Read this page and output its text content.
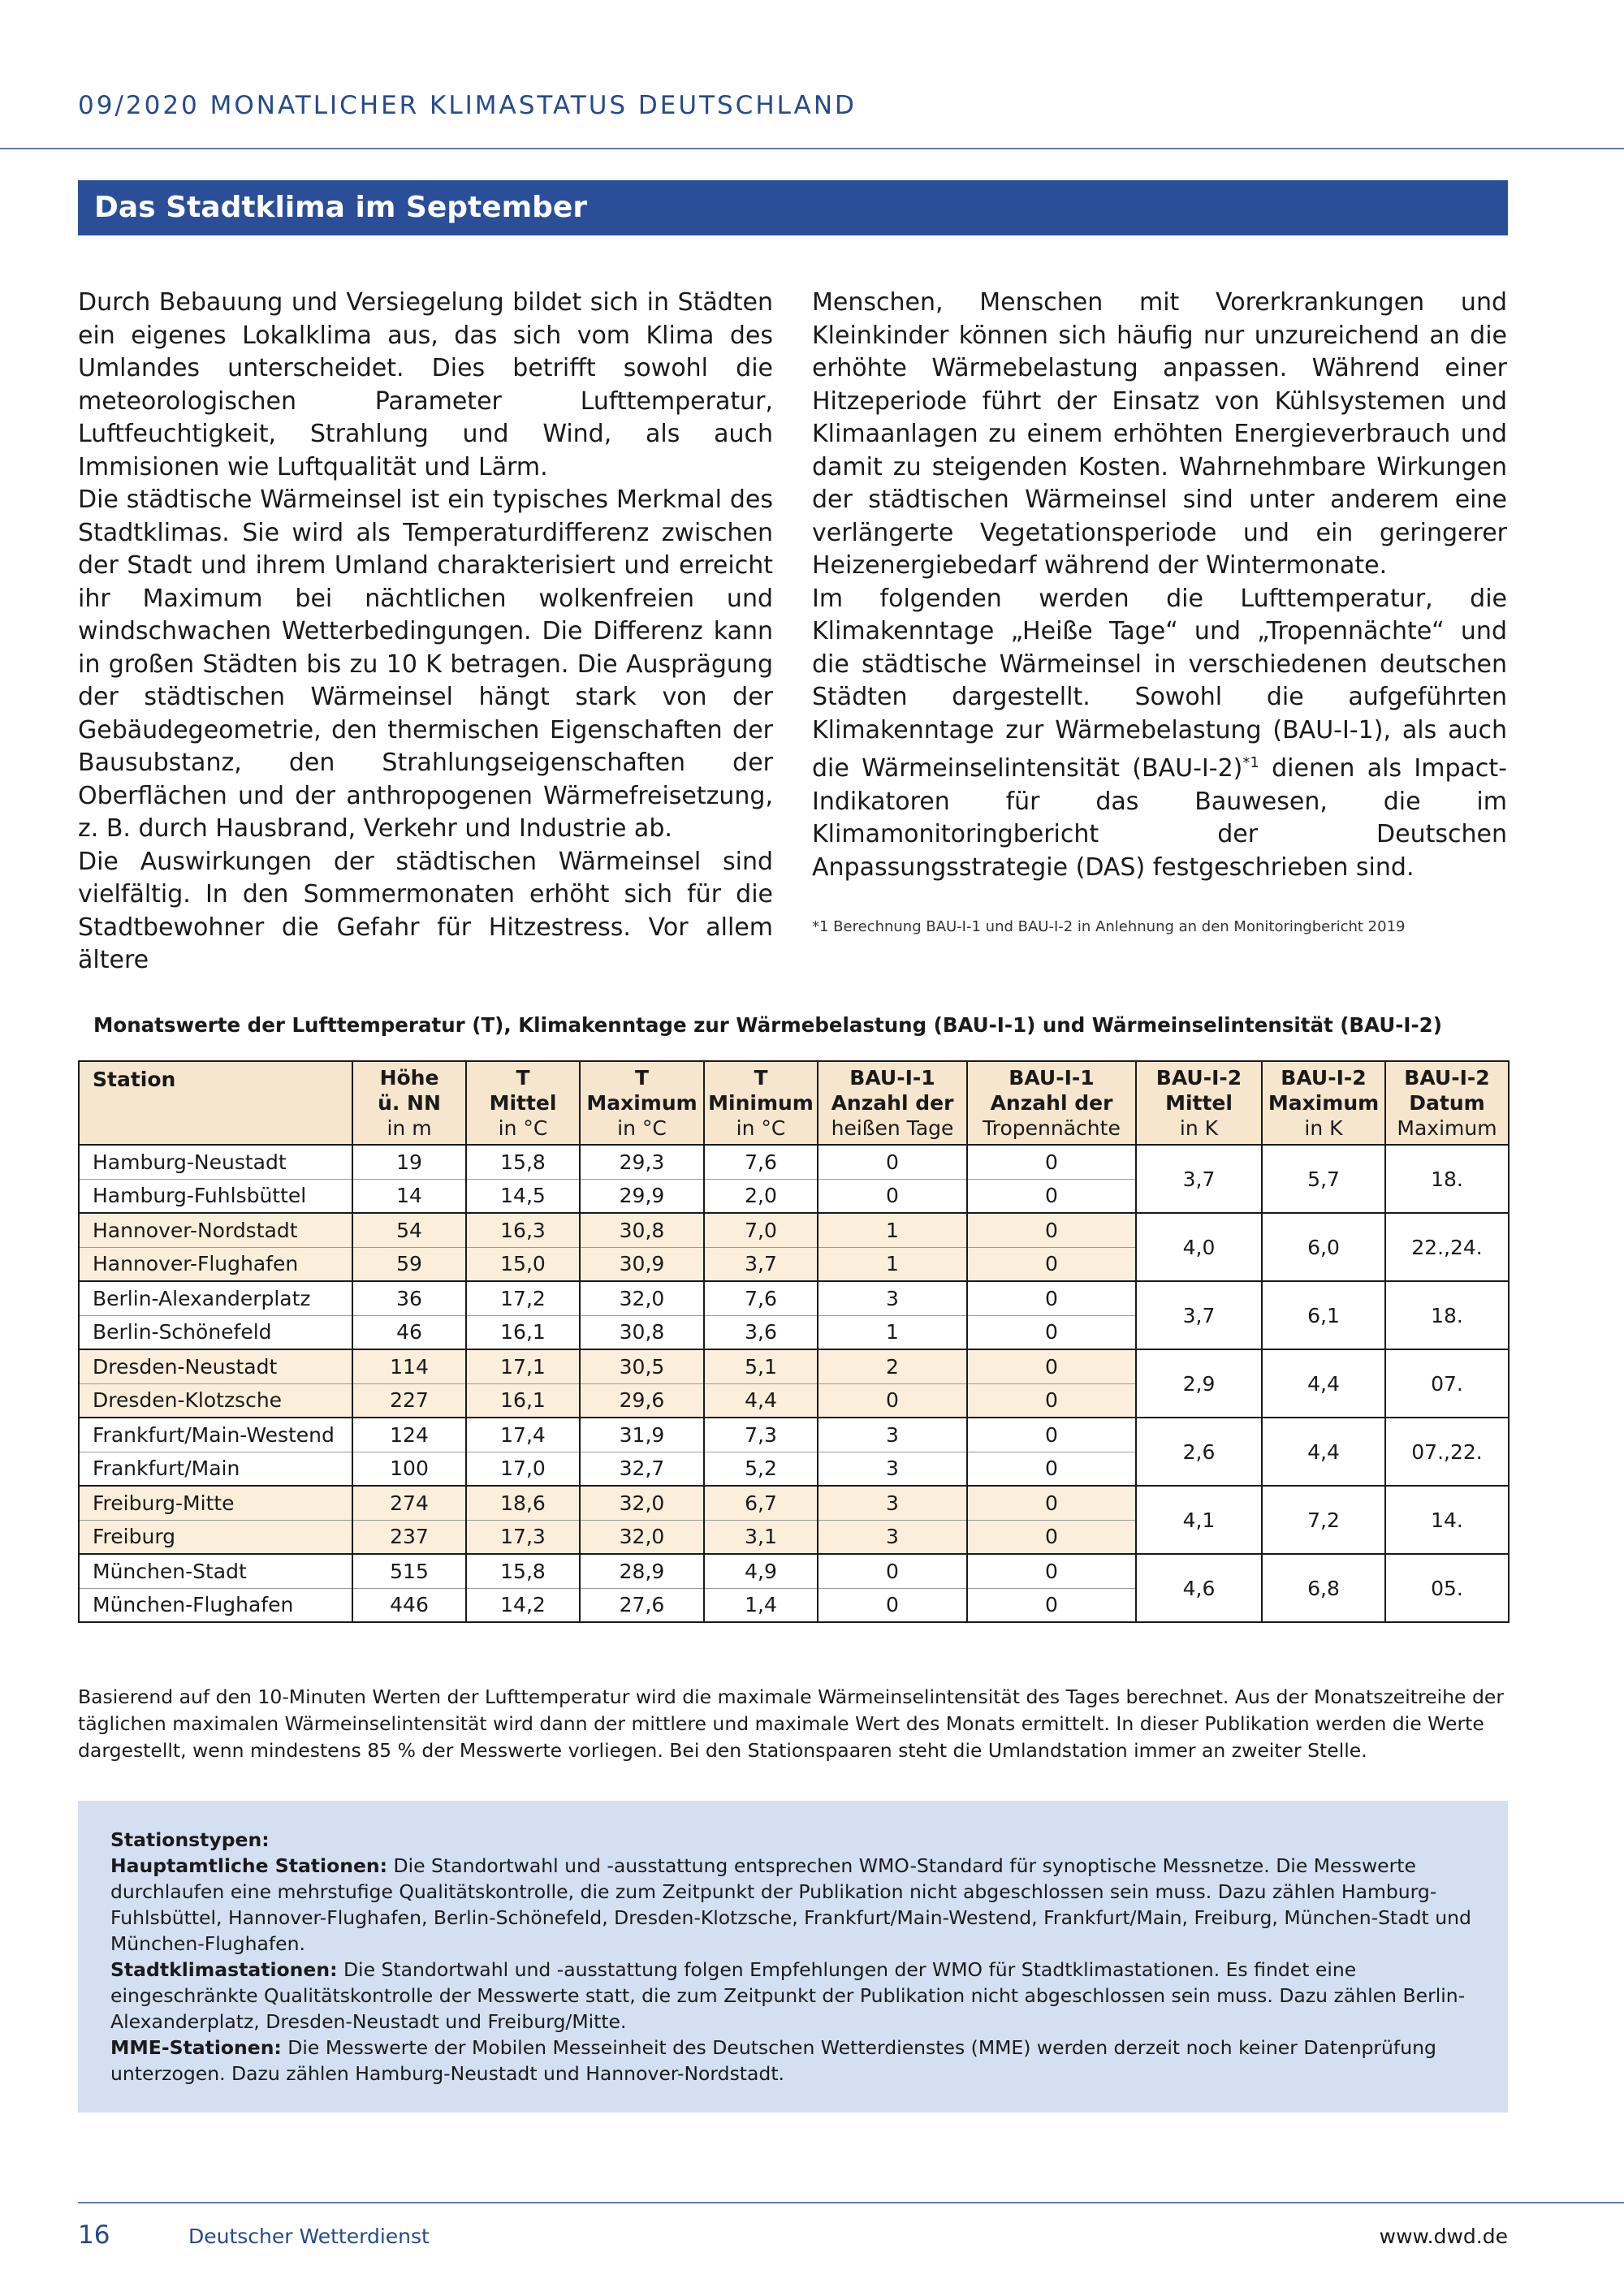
09/2020 MONATLICHER KLIMASTATUS DEUTSCHLAND
Das Stadtklima im September

Durch Bebauung und Versiegelung bildet sich in Städten ein eigenes Lokalklima aus, das sich vom Klima des Umlandes unterscheidet. Dies betrifft sowohl die meteorologischen Parameter Lufttemperatur, Luftfeuchtigkeit, Strahlung und Wind, als auch Immisionen wie Luftqualität und Lärm.

Die städtische Wärmeinsel ist ein typisches Merkmal des Stadtklimas. Sie wird als Temperaturdifferenz zwischen der Stadt und ihrem Umland charakterisiert und erreicht ihr Maximum bei nächtlichen wolkenfreien und windschwachen Wetterbedingungen. Die Differenz kann in großen Städten bis zu 10 K betragen. Die Ausprägung der städtischen Wärmeinsel hängt stark von der Gebäudegeometrie, den thermischen Eigenschaften der Bausubstanz, den Strahlungseigenschaften der Oberflächen und der anthropogenen Wärmefreisetzung, z. B. durch Hausbrand, Verkehr und Industrie ab.

Die Auswirkungen der städtischen Wärmeinsel sind vielfältig. In den Sommermonaten erhöht sich für die Stadtbewohner die Gefahr für Hitzestress. Vor allem ältere

Menschen, Menschen mit Vorerkrankungen und Kleinkinder können sich häufig nur unzureichend an die erhöhte Wärmebelastung anpassen. Während einer Hitzeperiode führt der Einsatz von Kühlsystemen und Klimaanlagen zu einem erhöhten Energieverbrauch und damit zu steigenden Kosten. Wahrnehmbare Wirkungen der städtischen Wärmeinsel sind unter anderem eine verlängerte Vegetationsperiode und ein geringerer Heizenergiebedarf während der Wintermonate.

Im folgenden werden die Lufttemperatur, die Klimakenntage „Heiße Tage“ und „Tropennächte“ und die städtische Wärmeinsel in verschiedenen deutschen Städten dargestellt. Sowohl die aufgeführten Klimakenntage zur Wärmebelastung (BAU-I-1), als auch die Wärmeinselintensität $(BAU-I-2)^{*1}$ dienen als Impact-Indikatoren für das Bauwesen, die im Klimamonitoringbericht der Deutschen Anpassungsstrategie (DAS) festgeschrieben sind.

*1 Berechnung BAU-I-1 und BAU-I-2 in Anlehnung an den Monitoringbericht 2019
Monatswerte der Lufttemperatur (T), Klimakenntage zur Wärmebelastung (BAU-I-1) und Wärmeinselintensität (BAU-I-2)
Station	Höhe
ü. NN
in m	T
Mittel
in °C	T
Maximum
in °C	T
Minimum
in °C	BAU-I-1
Anzahl der
heißen Tage	BAU-I-1
Anzahl der
Tropennächte	BAU-I-2
Mittel
in K	BAU-I-2
Maximum
in K	BAU-I-2
Datum
Maximum
Hamburg-Neustadt	19	15,8	29,3	7,6	0	0	3,7	5,7	18.
Hamburg-Fuhlsbüttel	14	14,5	29,9	2,0	0	0			
Hannover-Nordstadt	54	16,3	30,8	7,0	1	0	4,0	6,0	22.,24.
Hannover-Flughafen	59	15,0	30,9	3,7	1	0			
Berlin-Alexanderplatz	36	17,2	32,0	7,6	3	0	3,7	6,1	18.
Berlin-Schönefeld	46	16,1	30,8	3,6	1	0			
Dresden-Neustadt	114	17,1	30,5	5,1	2	0	2,9	4,4	07.
Dresden-Klotzsche	227	16,1	29,6	4,4	0	0			
Frankfurt/Main-Westend	124	17,4	31,9	7,3	3	0	2,6	4,4	07.,22.
Frankfurt/Main	100	17,0	32,7	5,2	3	0			
Freiburg-Mitte	274	18,6	32,0	6,7	3	0	4,1	7,2	14.
Freiburg	237	17,3	32,0	3,1	3	0			
München-Stadt	515	15,8	28,9	4,9	0	0	4,6	6,8	05.
München-Flughafen	446	14,2	27,6	1,4	0	0			
Basierend auf den 10-Minuten Werten der Lufttemperatur wird die maximale Wärmeinselintensität des Tages berechnet. Aus der Monatszeitreihe der täglichen maximalen Wärmeinselintensität wird dann der mittlere und maximale Wert des Monats ermittelt. In dieser Publikation werden die Werte dargestellt, wenn mindestens 85 % der Messwerte vorliegen. Bei den Stationspaaren steht die Umlandstation immer an zweiter Stelle.

Stationstypen:

Hauptamtliche Stationen: Die Standortwahl und -ausstattung entsprechen WMO-Standard für synoptische Messnetze. Die Messwerte durchlaufen eine mehrstufige Qualitätskontrolle, die zum Zeitpunkt der Publikation nicht abgeschlossen sein muss. Dazu zählen Hamburg-Fuhlsbüttel, Hannover-Flughafen, Berlin-Schönefeld, Dresden-Klotzsche, Frankfurt/Main-Westend, Frankfurt/Main, Freiburg, München-Stadt und München-Flughafen.

Stadtklimastationen: Die Standortwahl und -ausstattung folgen Empfehlungen der WMO für Stadtklimastationen. Es findet eine eingeschränkte Qualitätskontrolle der Messwerte statt, die zum Zeitpunkt der Publikation nicht abgeschlossen sein muss. Dazu zählen Berlin-Alexanderplatz, Dresden-Neustadt und Freiburg/Mitte.

MME-Stationen: Die Messwerte der Mobilen Messeinheit des Deutschen Wetterdienstes (MME) werden derzeit noch keiner Datenprüfung unterzogen. Dazu zählen Hamburg-Neustadt und Hannover-Nordstadt.

16	Deutscher Wetterdienst	www.dwd.de
